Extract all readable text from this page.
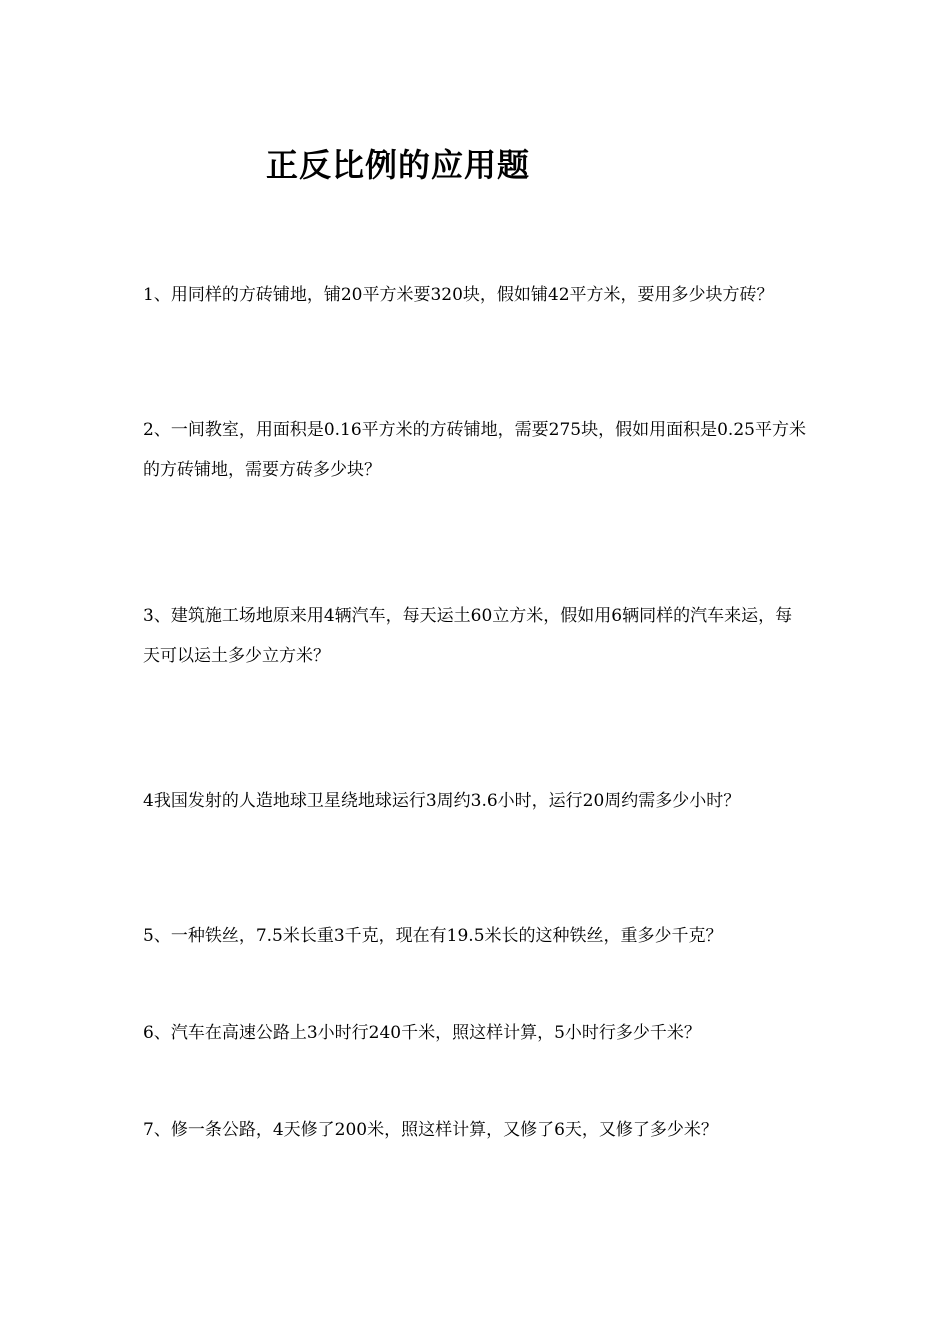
正反比例的应用题

1、用同样的方砖铺地，铺20平方米要320块，假如铺42平方米，要用多少块方砖？

2、一间教室，用面积是0.16平方米的方砖铺地，需要275块，假如用面积是0.25平方米的方砖铺地，需要方砖多少块？

3、建筑施工场地原来用4辆汽车，每天运土60立方米，假如用6辆同样的汽车来运，每天可以运土多少立方米？

4我国发射的人造地球卫星绕地球运行3周约3.6小时，运行20周约需多少小时？

5、一种铁丝，7.5米长重3千克，现在有19.5米长的这种铁丝，重多少千克？

6、汽车在高速公路上3小时行240千米，照这样计算，5小时行多少千米？

7、修一条公路，4天修了200米，照这样计算，又修了6天，又修了多少米？
